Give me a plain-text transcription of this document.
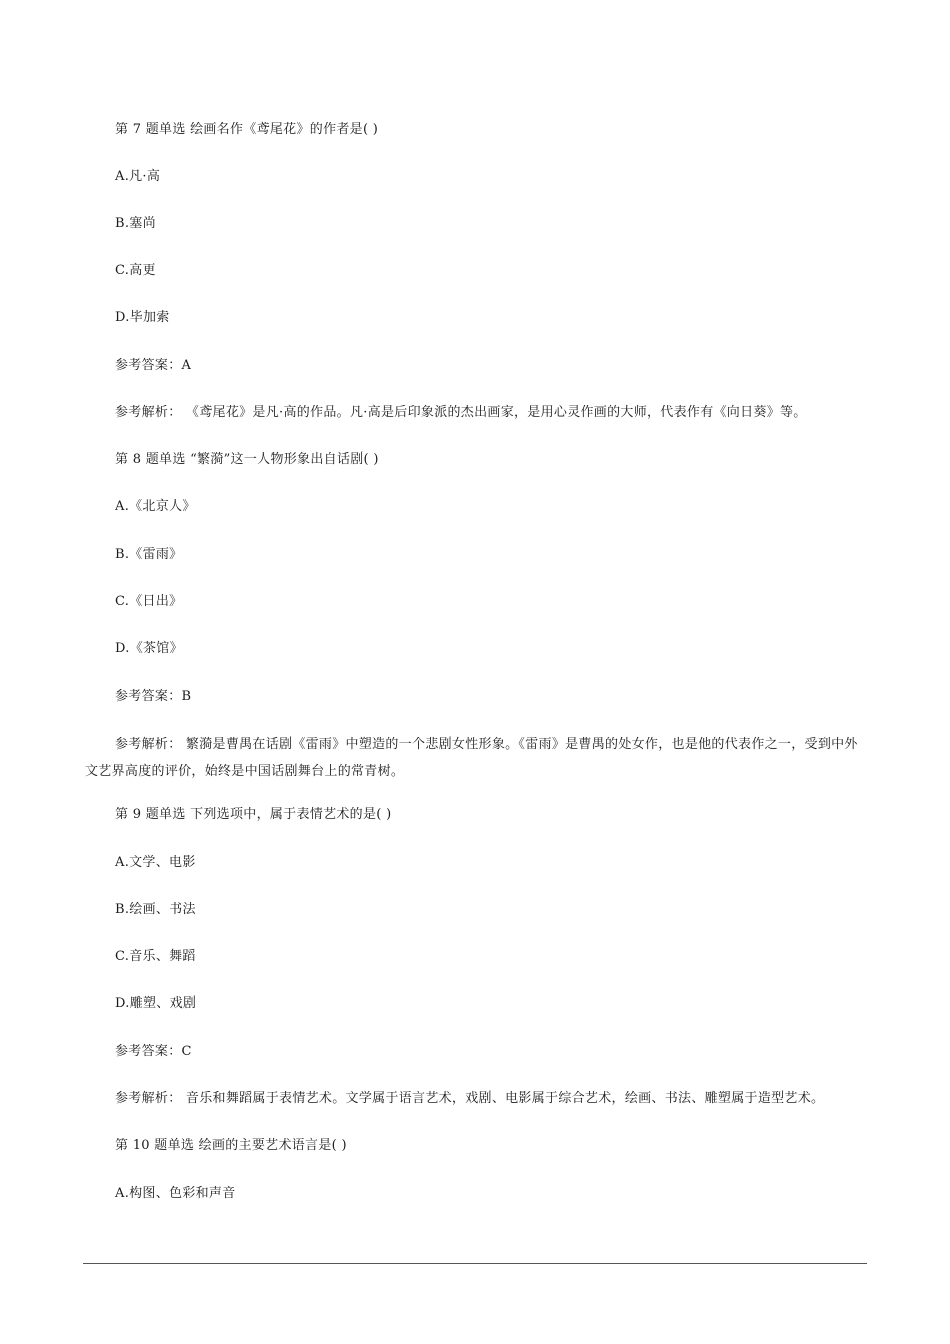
第 7 题单选 绘画名作《鸢尾花》的作者是( )
A.凡·高
B.塞尚
C.高更
D.毕加索
参考答案：A
参考解析： 《鸢尾花》是凡·高的作品。凡·高是后印象派的杰出画家，是用心灵作画的大师，代表作有《向日葵》等。
第 8 题单选 “繁漪”这一人物形象出自话剧( )
A.《北京人》
B.《雷雨》
C.《日出》
D.《茶馆》
参考答案：B
参考解析： 繁漪是曹禺在话剧《雷雨》中塑造的一个悲剧女性形象。《雷雨》是曹禺的处女作，也是他的代表作之一，受到中外文艺界高度的评价，始终是中国话剧舞台上的常青树。
第 9 题单选 下列选项中，属于表情艺术的是( )
A.文学、电影
B.绘画、书法
C.音乐、舞蹈
D.雕塑、戏剧
参考答案：C
参考解析： 音乐和舞蹈属于表情艺术。文学属于语言艺术，戏剧、电影属于综合艺术，绘画、书法、雕塑属于造型艺术。
第 10 题单选 绘画的主要艺术语言是( )
A.构图、色彩和声音
